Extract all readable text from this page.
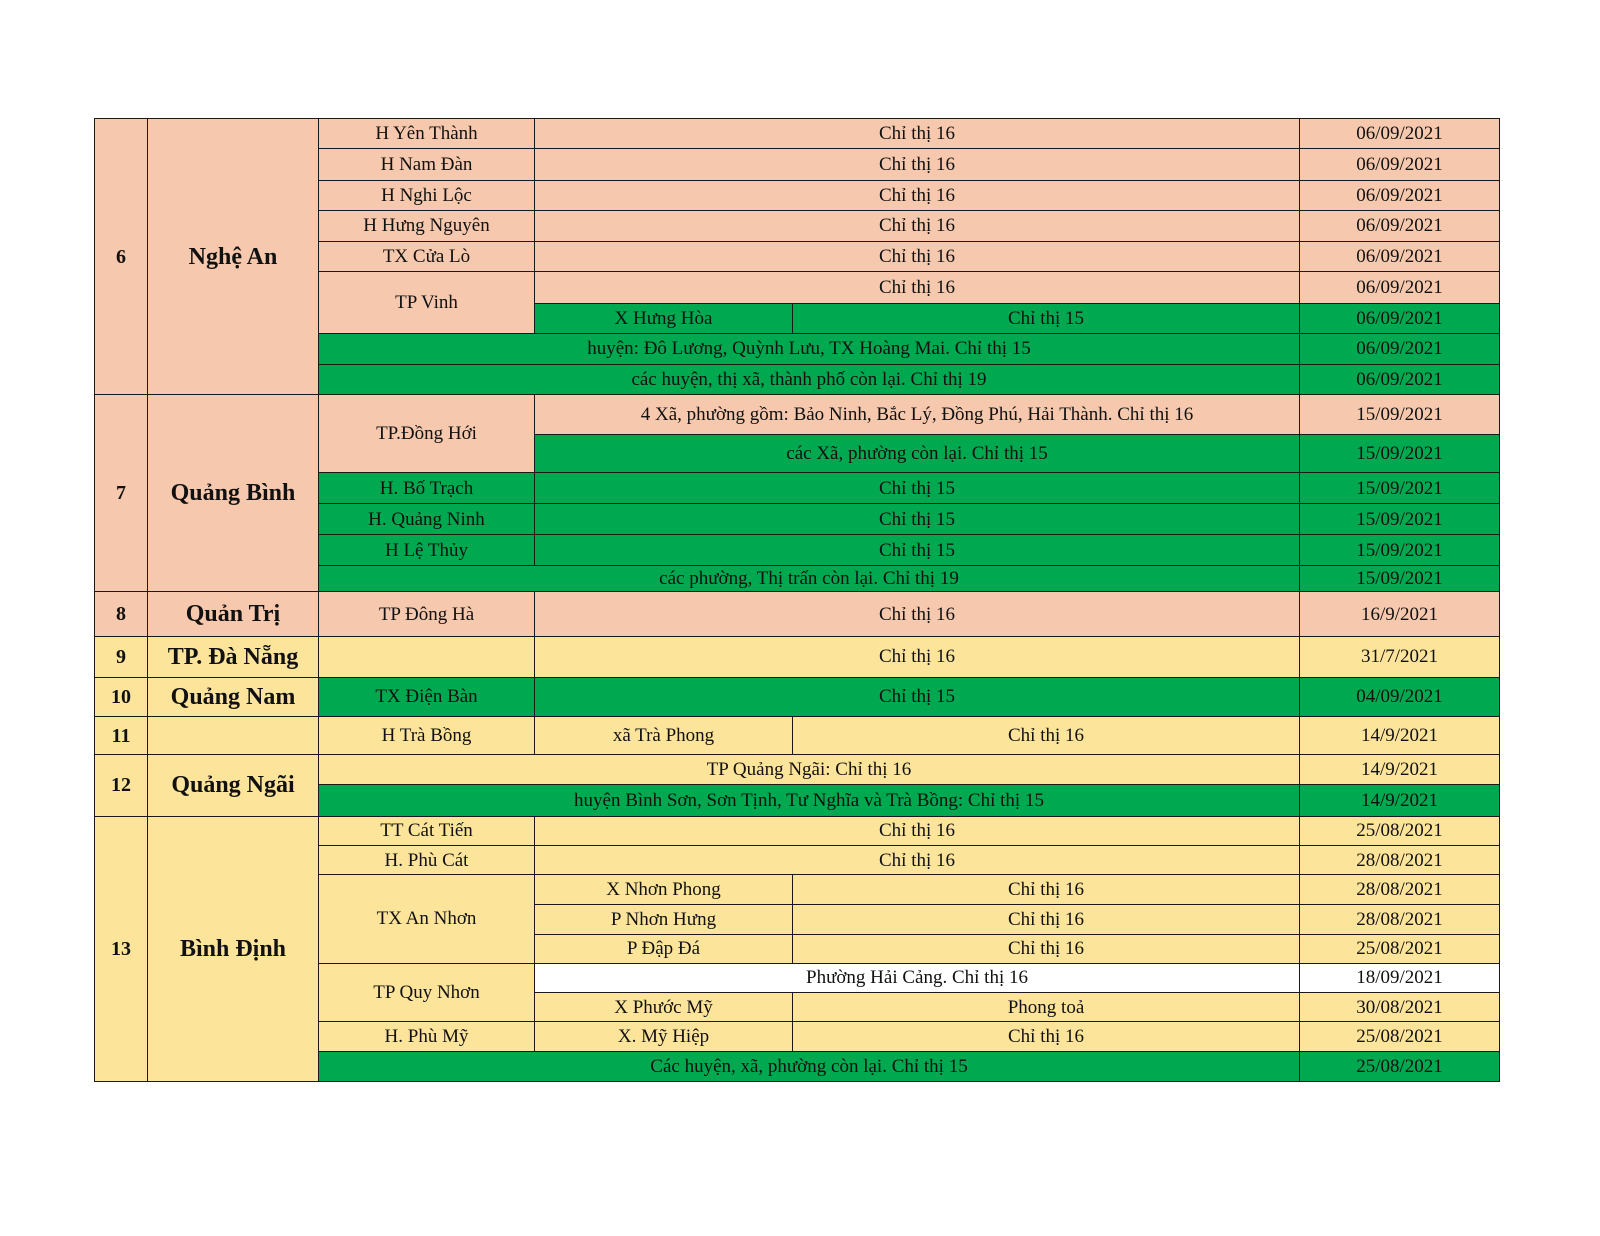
6	Nghệ An	H Yên Thành	Chỉ thị 16		06/09/2021
		H Nam Đàn	Chỉ thị 16		06/09/2021
		H Nghi Lộc	Chỉ thị 16		06/09/2021
		H Hưng Nguyên	Chỉ thị 16		06/09/2021
		TX Cửa Lò	Chỉ thị 16		06/09/2021
		TP Vinh	Chỉ thị 16		06/09/2021
			X Hưng Hòa	Chỉ thị 15	06/09/2021
		huyện: Đô Lương, Quỳnh Lưu, TX Hoàng Mai. Chỉ thị 15			06/09/2021
		các huyện, thị xã, thành phố còn lại. Chỉ thị 19			06/09/2021
7	Quảng Bình	TP.Đồng Hới	4 Xã, phường gồm: Bảo Ninh, Bắc Lý, Đồng Phú, Hải Thành. Chỉ thị 16		15/09/2021
			các Xã, phường còn lại. Chỉ thị 15		15/09/2021
		H. Bố Trạch	Chỉ thị 15		15/09/2021
		H. Quảng Ninh	Chỉ thị 15		15/09/2021
		H Lệ Thủy	Chỉ thị 15		15/09/2021
		các phường, Thị trấn còn lại. Chỉ thị 19			15/09/2021
8	Quản Trị	TP Đông Hà	Chỉ thị 16		16/9/2021
9	TP. Đà Nẵng		Chỉ thị 16		31/7/2021
10	Quảng Nam	TX Điện Bàn	Chỉ thị 15		04/09/2021
11		H Trà Bồng	xã Trà Phong	Chỉ thị 16	14/9/2021
12	Quảng Ngãi	TP Quảng Ngãi: Chỉ thị 16			14/9/2021
		huyện Bình Sơn, Sơn Tịnh, Tư Nghĩa và Trà Bồng: Chỉ thị 15			14/9/2021
13	Bình Định	TT Cát Tiến	Chỉ thị 16		25/08/2021
		H. Phù Cát	Chỉ thị 16		28/08/2021
		TX An Nhơn	X Nhơn Phong	Chỉ thị 16	28/08/2021
			P Nhơn Hưng	Chỉ thị 16	28/08/2021
			P Đập Đá	Chỉ thị 16	25/08/2021
		TP Quy Nhơn	Phường Hải Cảng. Chỉ thị 16		18/09/2021
			X Phước Mỹ	Phong toả	30/08/2021
		H. Phù Mỹ	X. Mỹ Hiệp	Chỉ thị 16	25/08/2021
		Các huyện, xã, phường còn lại. Chỉ thị 15			25/08/2021
